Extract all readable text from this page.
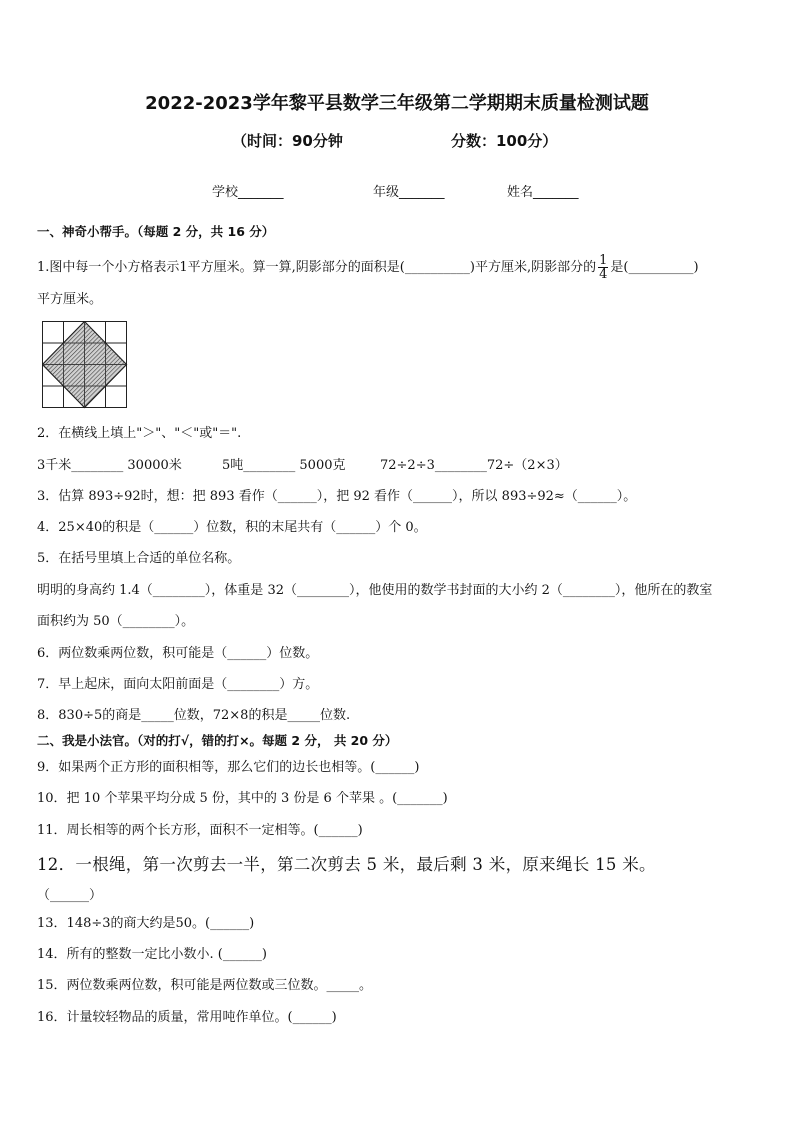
2022-2023学年黎平县数学三年级第二学期期末质量检测试题
（时间：90分钟	分数：100分）
学校_______	年级_______	姓名_______
一、神奇小帮手。（每题 2 分，共 16 分）
1.图中每一个小方格表示1平方厘米。算一算,阴影部分的面积是(__________)平方厘米,阴影部分的 $\frac{1}{4}$ 是(__________)
平方厘米。
2．在横线上填上"＞"、"＜"或"＝".
3千米________ 30000米	5吨________ 5000克	72÷2÷3________72÷（2×3）
3．估算 893÷92时，想：把 893 看作（______），把 92 看作（______），所以 893÷92≈（______）。
4．25×40的积是（______）位数，积的末尾共有（______）个 0。
5．在括号里填上合适的单位名称。
明明的身高约 1.4（________），体重是 32（________），他使用的数学书封面的大小约 2（________），他所在的教室
面积约为 50（________）。
6．两位数乘两位数，积可能是（______）位数。
7．早上起床，面向太阳前面是（________）方。
8．830÷5的商是_____位数，72×8的积是_____位数.
二、我是小法官。（对的打√，错的打×。每题 2 分， 共 20 分）
9．如果两个正方形的面积相等，那么它们的边长也相等。(______)
10．把 10 个苹果平均分成 5 份，其中的 3 份是 6 个苹果 。(_______)
11．周长相等的两个长方形，面积不一定相等。(______)
12．一根绳，第一次剪去一半，第二次剪去 5 米，最后剩 3 米，原来绳长 15 米。
（______）
13．148÷3的商大约是50。(______)
14．所有的整数一定比小数小. (______)
15．两位数乘两位数，积可能是两位数或三位数。_____。
16．计量较轻物品的质量，常用吨作单位。(______)
